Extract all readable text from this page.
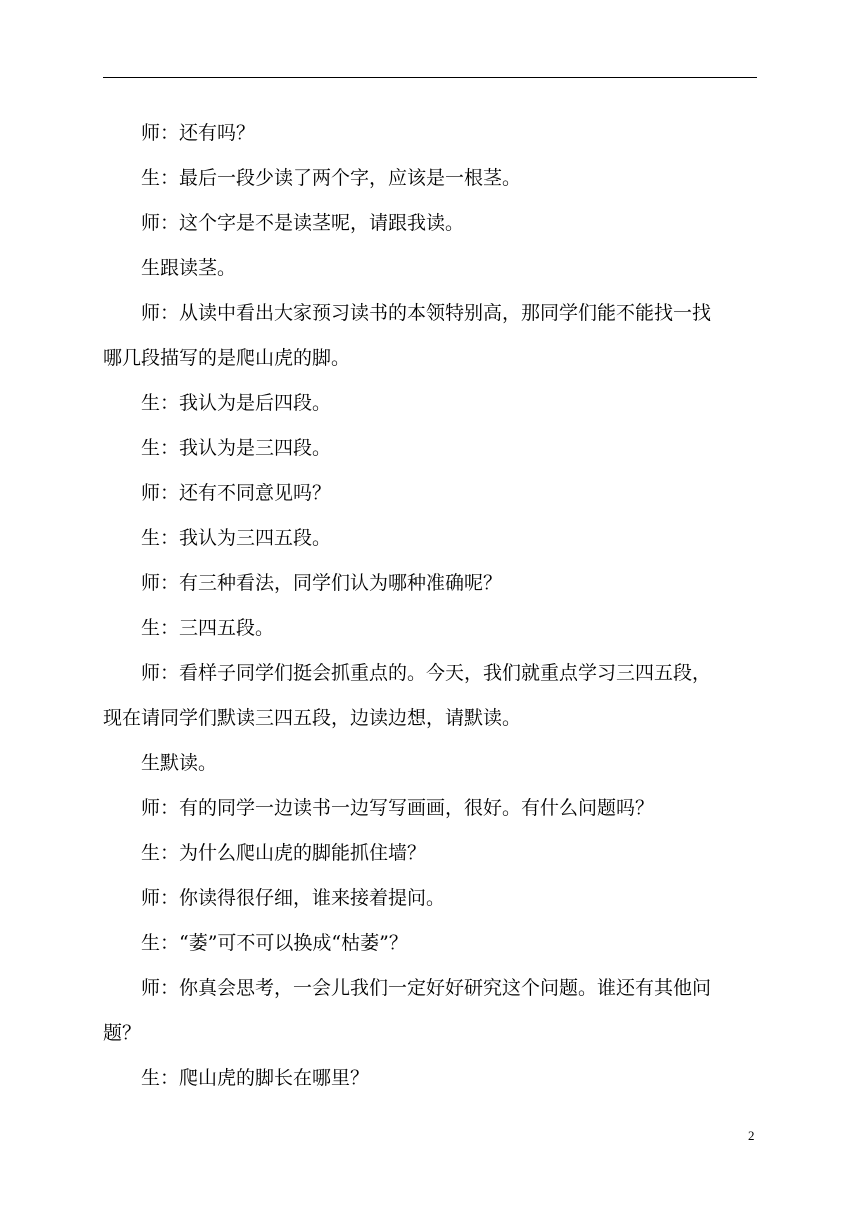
师：还有吗？

生：最后一段少读了两个字，应该是一根茎。

师：这个字是不是读茎呢，请跟我读。

生跟读茎。

师：从读中看出大家预习读书的本领特别高，那同学们能不能找一找
哪几段描写的是爬山虎的脚。

生：我认为是后四段。

生：我认为是三四段。

师：还有不同意见吗？

生：我认为三四五段。

师：有三种看法，同学们认为哪种准确呢？

生：三四五段。

师：看样子同学们挺会抓重点的。今天，我们就重点学习三四五段，
现在请同学们默读三四五段，边读边想，请默读。

生默读。

师：有的同学一边读书一边写写画画，很好。有什么问题吗？

生：为什么爬山虎的脚能抓住墙？

师：你读得很仔细，谁来接着提问。

生：“萎”可不可以换成“枯萎”？

师：你真会思考，一会儿我们一定好好研究这个问题。谁还有其他问
题？

生：爬山虎的脚长在哪里？

2
